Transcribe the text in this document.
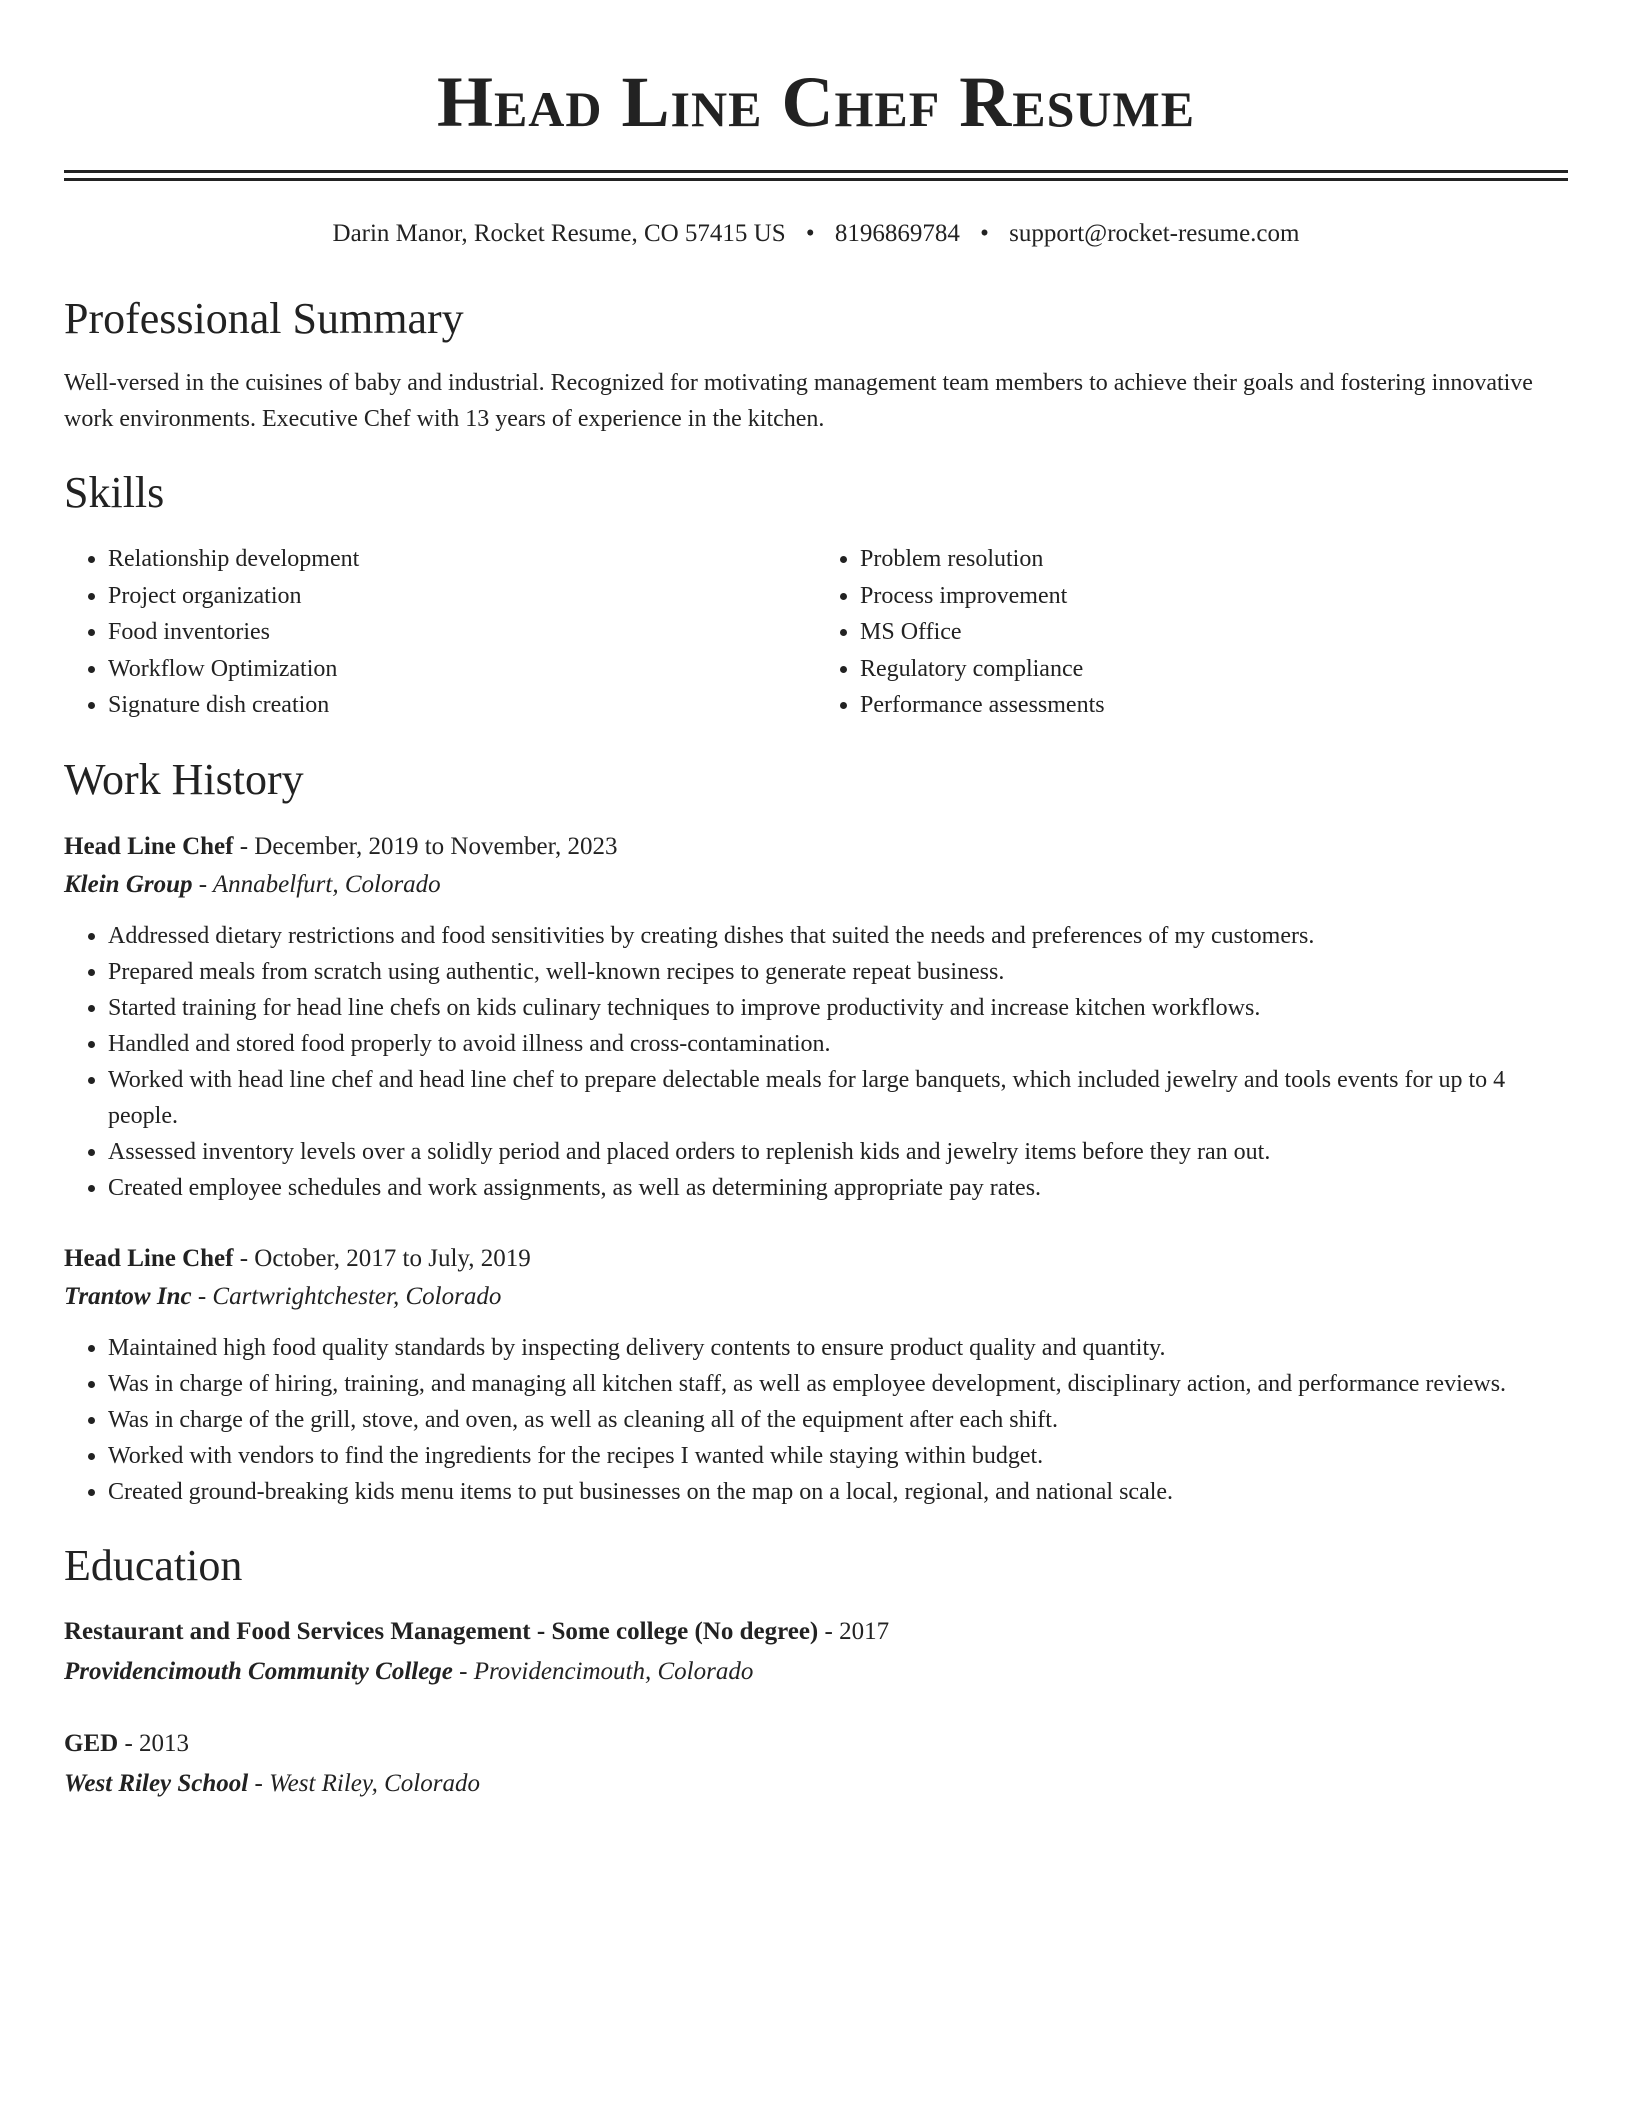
Head Line Chef Resume
Darin Manor, Rocket Resume, CO 57415 US • 8196869784 • support@rocket-resume.com
Professional Summary
Well-versed in the cuisines of baby and industrial. Recognized for motivating management team members to achieve their goals and fostering innovative work environments. Executive Chef with 13 years of experience in the kitchen.
Skills
• Relationship development
• Project organization
• Food inventories
• Workflow Optimization
• Signature dish creation
• Problem resolution
• Process improvement
• MS Office
• Regulatory compliance
• Performance assessments
Work History
Head Line Chef - December, 2019 to November, 2023
Klein Group - Annabelfurt, Colorado
• Addressed dietary restrictions and food sensitivities by creating dishes that suited the needs and preferences of my customers.
• Prepared meals from scratch using authentic, well-known recipes to generate repeat business.
• Started training for head line chefs on kids culinary techniques to improve productivity and increase kitchen workflows.
• Handled and stored food properly to avoid illness and cross-contamination.
• Worked with head line chef and head line chef to prepare delectable meals for large banquets, which included jewelry and tools events for up to 4 people.
• Assessed inventory levels over a solidly period and placed orders to replenish kids and jewelry items before they ran out.
• Created employee schedules and work assignments, as well as determining appropriate pay rates.
Head Line Chef - October, 2017 to July, 2019
Trantow Inc - Cartwrightchester, Colorado
• Maintained high food quality standards by inspecting delivery contents to ensure product quality and quantity.
• Was in charge of hiring, training, and managing all kitchen staff, as well as employee development, disciplinary action, and performance reviews.
• Was in charge of the grill, stove, and oven, as well as cleaning all of the equipment after each shift.
• Worked with vendors to find the ingredients for the recipes I wanted while staying within budget.
• Created ground-breaking kids menu items to put businesses on the map on a local, regional, and national scale.
Education
Restaurant and Food Services Management - Some college (No degree) - 2017
Providencimouth Community College - Providencimouth, Colorado
GED - 2013
West Riley School - West Riley, Colorado
